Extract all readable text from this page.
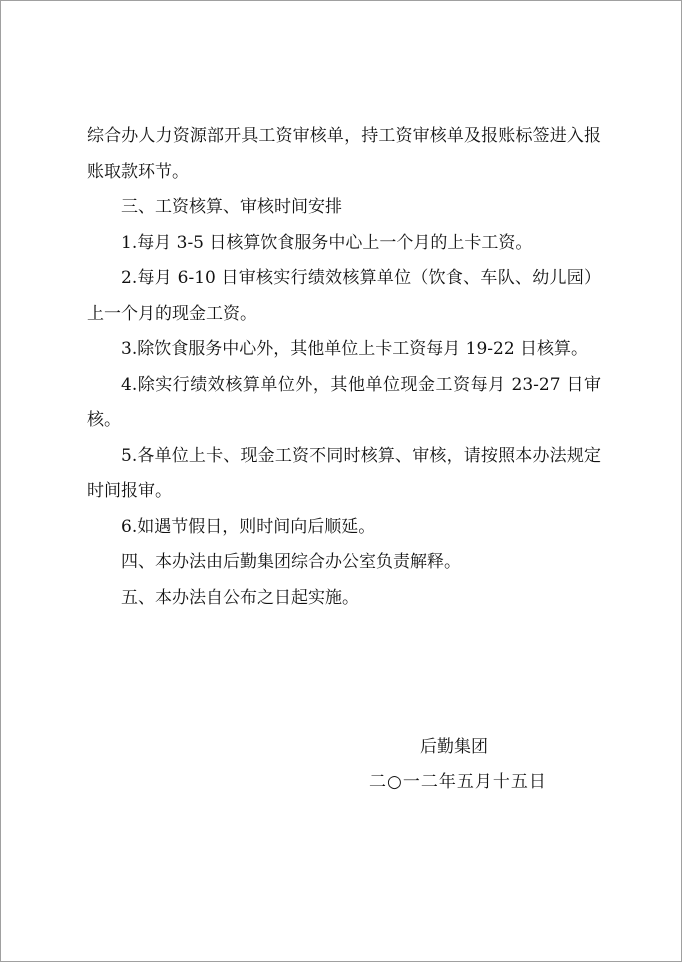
综合办人力资源部开具工资审核单，持工资审核单及报账标签进入报账取款环节。

三、工资核算、审核时间安排

1.每月 3-5 日核算饮食服务中心上一个月的上卡工资。

2.每月 6-10 日审核实行绩效核算单位（饮食、车队、幼儿园）上一个月的现金工资。

3.除饮食服务中心外，其他单位上卡工资每月 19-22 日核算。

4.除实行绩效核算单位外，其他单位现金工资每月 23-27 日审核。

5.各单位上卡、现金工资不同时核算、审核，请按照本办法规定时间报审。

6.如遇节假日，则时间向后顺延。

四、本办法由后勤集团综合办公室负责解释。

五、本办法自公布之日起实施。

后勤集团
二○一二年五月十五日
